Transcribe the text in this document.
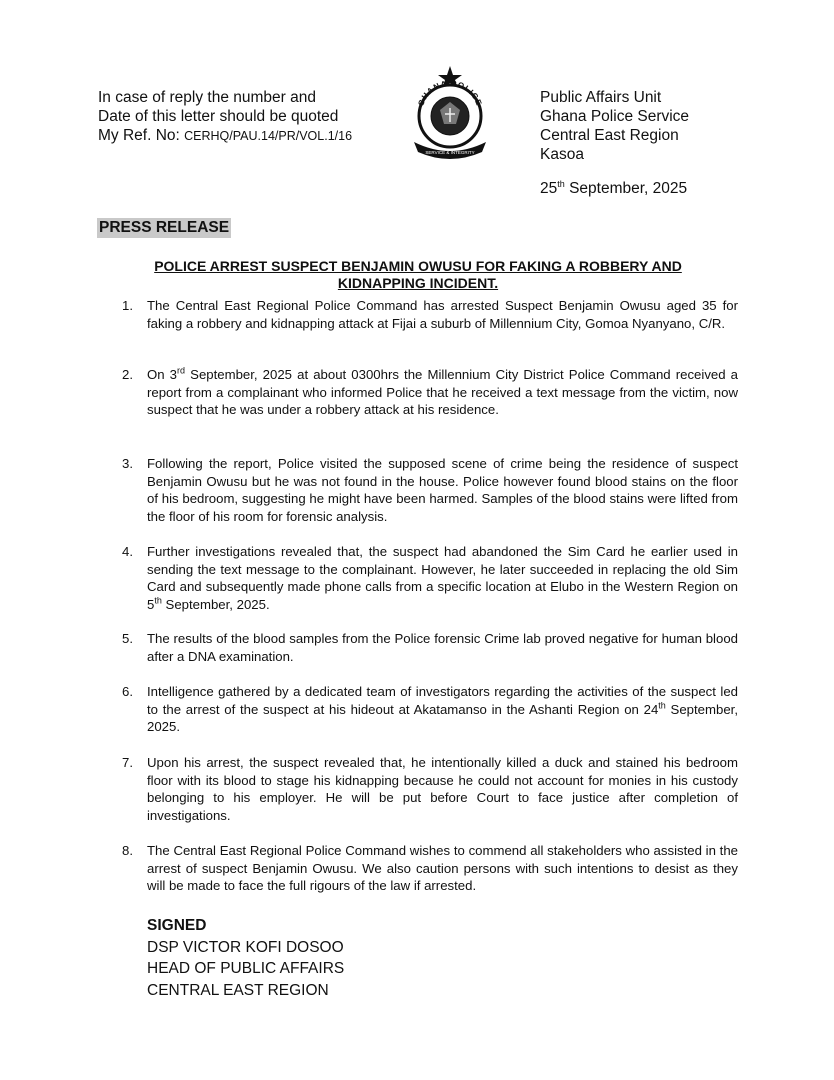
In case of reply the number and
Date of this letter should be quoted
My Ref. No: CERHQ/PAU.14/PR/VOL.1/16
GHANA POLICE
SERVICE & INTEGRITY
Public Affairs Unit
Ghana Police Service
Central East Region
Kasoa
25th September, 2025
PRESS RELEASE
POLICE ARREST SUSPECT BENJAMIN OWUSU FOR FAKING A ROBBERY AND
KIDNAPPING INCIDENT.
1. The Central East Regional Police Command has arrested Suspect Benjamin Owusu aged 35 for faking a robbery and kidnapping attack at Fijai a suburb of Millennium City, Gomoa Nyanyano, C/R.
2. On 3rd September, 2025 at about 0300hrs the Millennium City District Police Command received a report from a complainant who informed Police that he received a text message from the victim, now suspect that he was under a robbery attack at his residence.
3. Following the report, Police visited the supposed scene of crime being the residence of suspect Benjamin Owusu but he was not found in the house. Police however found blood stains on the floor of his bedroom, suggesting he might have been harmed. Samples of the blood stains were lifted from the floor of his room for forensic analysis.
4. Further investigations revealed that, the suspect had abandoned the Sim Card he earlier used in sending the text message to the complainant. However, he later succeeded in replacing the old Sim Card and subsequently made phone calls from a specific location at Elubo in the Western Region on 5th September, 2025.
5. The results of the blood samples from the Police forensic Crime lab proved negative for human blood after a DNA examination.
6. Intelligence gathered by a dedicated team of investigators regarding the activities of the suspect led to the arrest of the suspect at his hideout at Akatamanso in the Ashanti Region on 24th September, 2025.
7. Upon his arrest, the suspect revealed that, he intentionally killed a duck and stained his bedroom floor with its blood to stage his kidnapping because he could not account for monies in his custody belonging to his employer. He will be put before Court to face justice after completion of investigations.
8. The Central East Regional Police Command wishes to commend all stakeholders who assisted in the arrest of suspect Benjamin Owusu. We also caution persons with such intentions to desist as they will be made to face the full rigours of the law if arrested.
SIGNED
DSP VICTOR KOFI DOSOO
HEAD OF PUBLIC AFFAIRS
CENTRAL EAST REGION
